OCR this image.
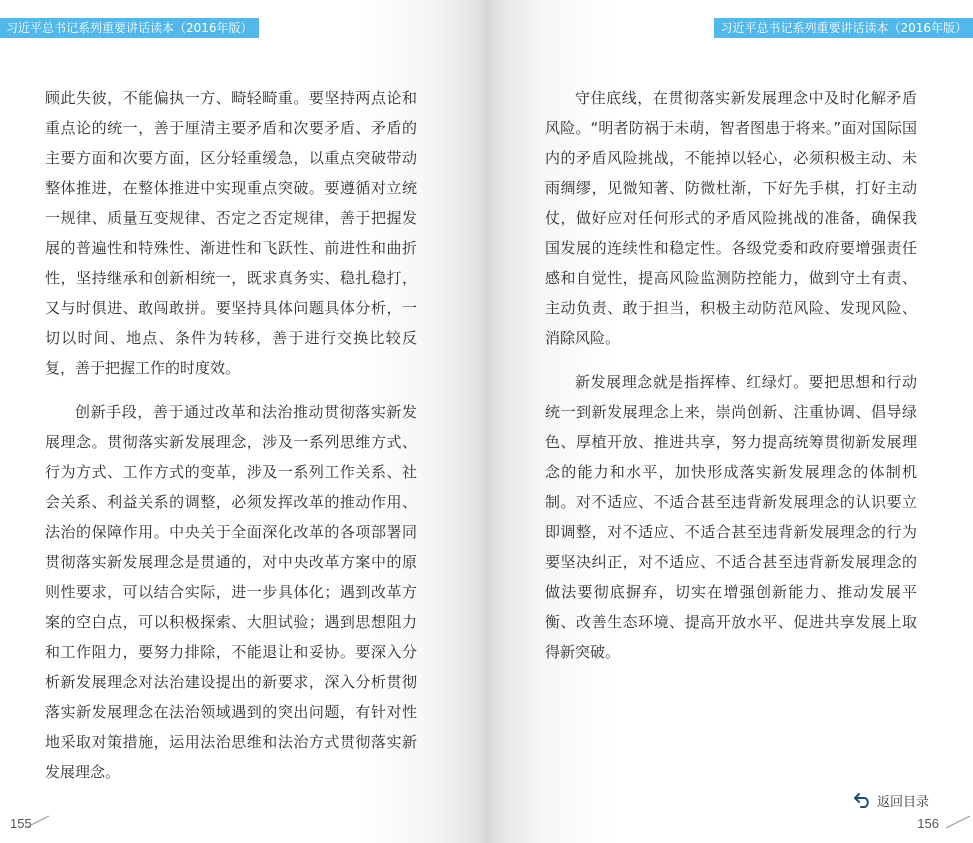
习近平总书记系列重要讲话读本（2016年版）

顾此失彼，不能偏执一方、畸轻畸重。要坚持两点论和重点论的统一，善于厘清主要矛盾和次要矛盾、矛盾的主要方面和次要方面，区分轻重缓急，以重点突破带动整体推进，在整体推进中实现重点突破。要遵循对立统一规律、质量互变规律、否定之否定规律，善于把握发展的普遍性和特殊性、渐进性和飞跃性、前进性和曲折性，坚持继承和创新相统一，既求真务实、稳扎稳打，又与时俱进、敢闯敢拼。要坚持具体问题具体分析，一切以时间、地点、条件为转移，善于进行交换比较反复，善于把握工作的时度效。

创新手段，善于通过改革和法治推动贯彻落实新发展理念。贯彻落实新发展理念，涉及一系列思维方式、行为方式、工作方式的变革，涉及一系列工作关系、社会关系、利益关系的调整，必须发挥改革的推动作用、法治的保障作用。中央关于全面深化改革的各项部署同贯彻落实新发展理念是贯通的，对中央改革方案中的原则性要求，可以结合实际，进一步具体化；遇到改革方案的空白点，可以积极探索、大胆试验；遇到思想阻力和工作阻力，要努力排除，不能退让和妥协。要深入分析新发展理念对法治建设提出的新要求，深入分析贯彻落实新发展理念在法治领域遇到的突出问题，有针对性地采取对策措施，运用法治思维和法治方式贯彻落实新发展理念。

155
习近平总书记系列重要讲话读本（2016年版）

守住底线，在贯彻落实新发展理念中及时化解矛盾风险。“明者防祸于未萌，智者图患于将来。”面对国际国内的矛盾风险挑战，不能掉以轻心，必须积极主动、未雨绸缪，见微知著、防微杜渐，下好先手棋，打好主动仗，做好应对任何形式的矛盾风险挑战的准备，确保我国发展的连续性和稳定性。各级党委和政府要增强责任感和自觉性，提高风险监测防控能力，做到守土有责、主动负责、敢于担当，积极主动防范风险、发现风险、消除风险。

新发展理念就是指挥棒、红绿灯。要把思想和行动统一到新发展理念上来，崇尚创新、注重协调、倡导绿色、厚植开放、推进共享，努力提高统筹贯彻新发展理念的能力和水平，加快形成落实新发展理念的体制机制。对不适应、不适合甚至违背新发展理念的认识要立即调整，对不适应、不适合甚至违背新发展理念的行为要坚决纠正，对不适应、不适合甚至违背新发展理念的做法要彻底摒弃，切实在增强创新能力、推动发展平衡、改善生态环境、提高开放水平、促进共享发展上取得新突破。

返回目录
156
